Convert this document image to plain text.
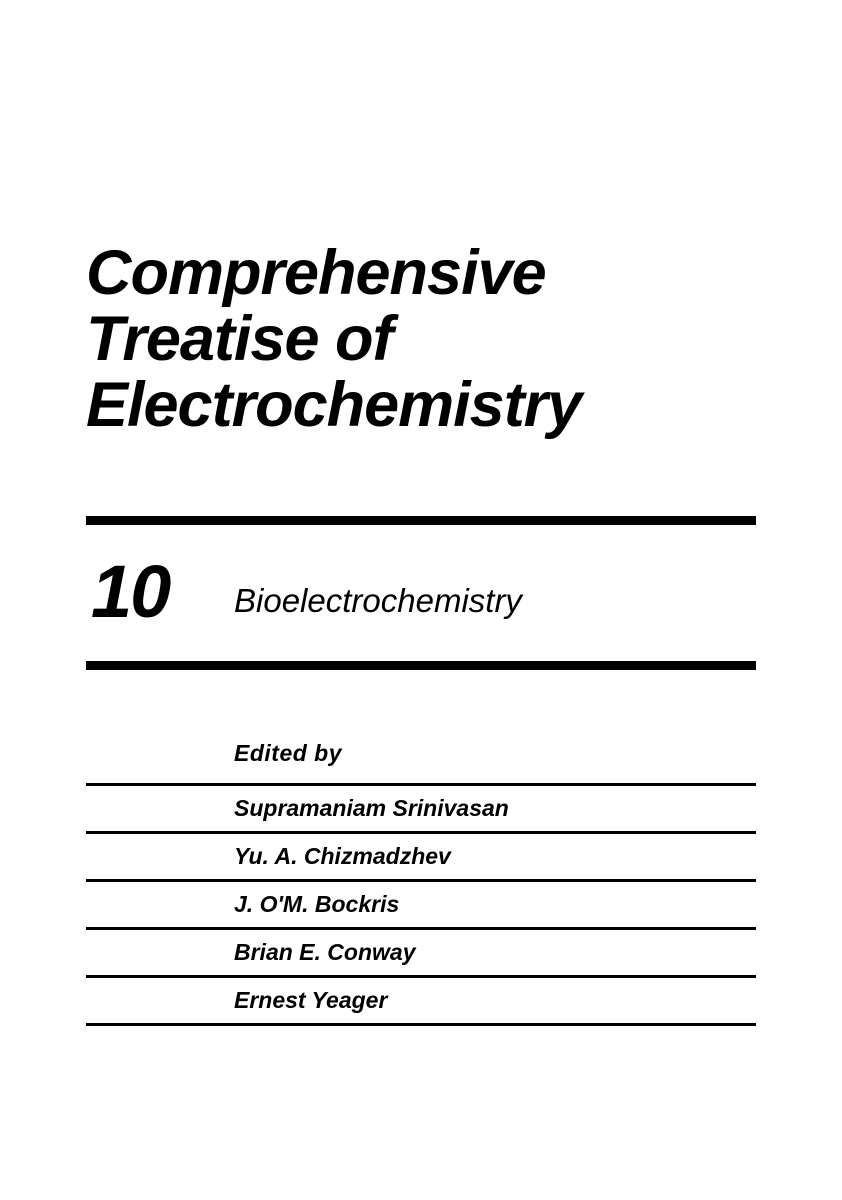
Comprehensive
Treatise of
Electrochemistry
10 Bioelectrochemistry
Edited by
Supramaniam Srinivasan
Yu. A. Chizmadzhev
J. O'M. Bockris
Brian E. Conway
Ernest Yeager
